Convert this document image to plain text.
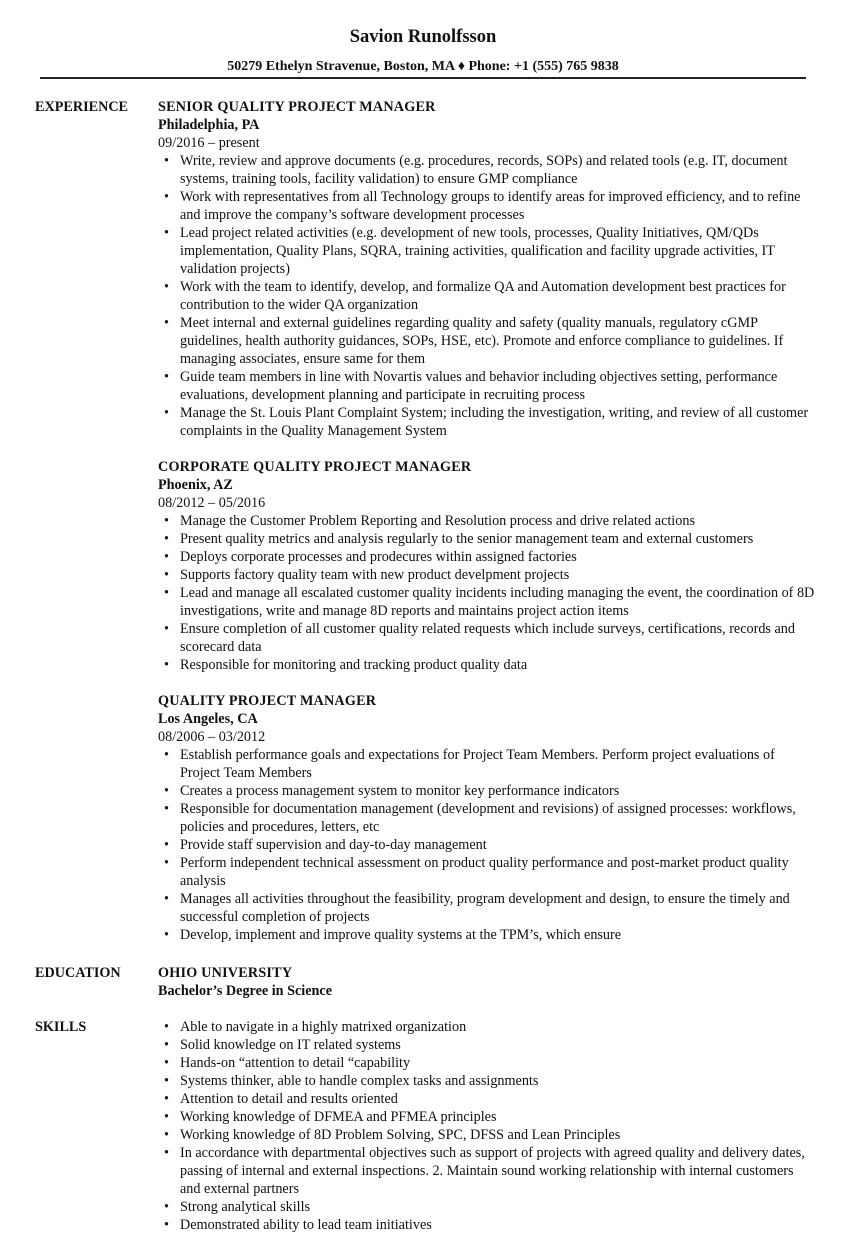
Savion Runolfsson
50279 Ethelyn Stravenue, Boston, MA ♦ Phone: +1 (555) 765 9838
EXPERIENCE	SENIOR QUALITY PROJECT MANAGER
Philadelphia, PA
09/2016 – present
• Write, review and approve documents (e.g. procedures, records, SOPs) and related tools (e.g. IT, document systems, training tools, facility validation) to ensure GMP compliance
• Work with representatives from all Technology groups to identify areas for improved efficiency, and to refine and improve the company’s software development processes
• Lead project related activities (e.g. development of new tools, processes, Quality Initiatives, QM/QDs implementation, Quality Plans, SQRA, training activities, qualification and facility upgrade activities, IT validation projects)
• Work with the team to identify, develop, and formalize QA and Automation development best practices for contribution to the wider QA organization
• Meet internal and external guidelines regarding quality and safety (quality manuals, regulatory cGMP guidelines, health authority guidances, SOPs, HSE, etc). Promote and enforce compliance to guidelines. If managing associates, ensure same for them
• Guide team members in line with Novartis values and behavior including objectives setting, performance evaluations, development planning and participate in recruiting process
• Manage the St. Louis Plant Complaint System; including the investigation, writing, and review of all customer complaints in the Quality Management System
CORPORATE QUALITY PROJECT MANAGER
Phoenix, AZ
08/2012 – 05/2016
• Manage the Customer Problem Reporting and Resolution process and drive related actions
• Present quality metrics and analysis regularly to the senior management team and external customers
• Deploys corporate processes and prodecures within assigned factories
• Supports factory quality team with new product develpment projects
• Lead and manage all escalated customer quality incidents including managing the event, the coordination of 8D investigations, write and manage 8D reports and maintains project action items
• Ensure completion of all customer quality related requests which include surveys, certifications, records and scorecard data
• Responsible for monitoring and tracking product quality data
QUALITY PROJECT MANAGER
Los Angeles, CA
08/2006 – 03/2012
• Establish performance goals and expectations for Project Team Members. Perform project evaluations of Project Team Members
• Creates a process management system to monitor key performance indicators
• Responsible for documentation management (development and revisions) of assigned processes: workflows, policies and procedures, letters, etc
• Provide staff supervision and day-to-day management
• Perform independent technical assessment on product quality performance and post-market product quality analysis
• Manages all activities throughout the feasibility, program development and design, to ensure the timely and successful completion of projects
• Develop, implement and improve quality systems at the TPM’s, which ensure
EDUCATION	OHIO UNIVERSITY
Bachelor’s Degree in Science
SKILLS
•	Able to navigate in a highly matrixed organization
• Solid knowledge on IT related systems
• Hands-on “attention to detail “capability
• Systems thinker, able to handle complex tasks and assignments
• Attention to detail and results oriented
• Working knowledge of DFMEA and PFMEA principles
• Working knowledge of 8D Problem Solving, SPC, DFSS and Lean Principles
• In accordance with departmental objectives such as support of projects with agreed quality and delivery dates, passing of internal and external inspections. 2. Maintain sound working relationship with internal customers and external partners
• Strong analytical skills
• Demonstrated ability to lead team initiatives
